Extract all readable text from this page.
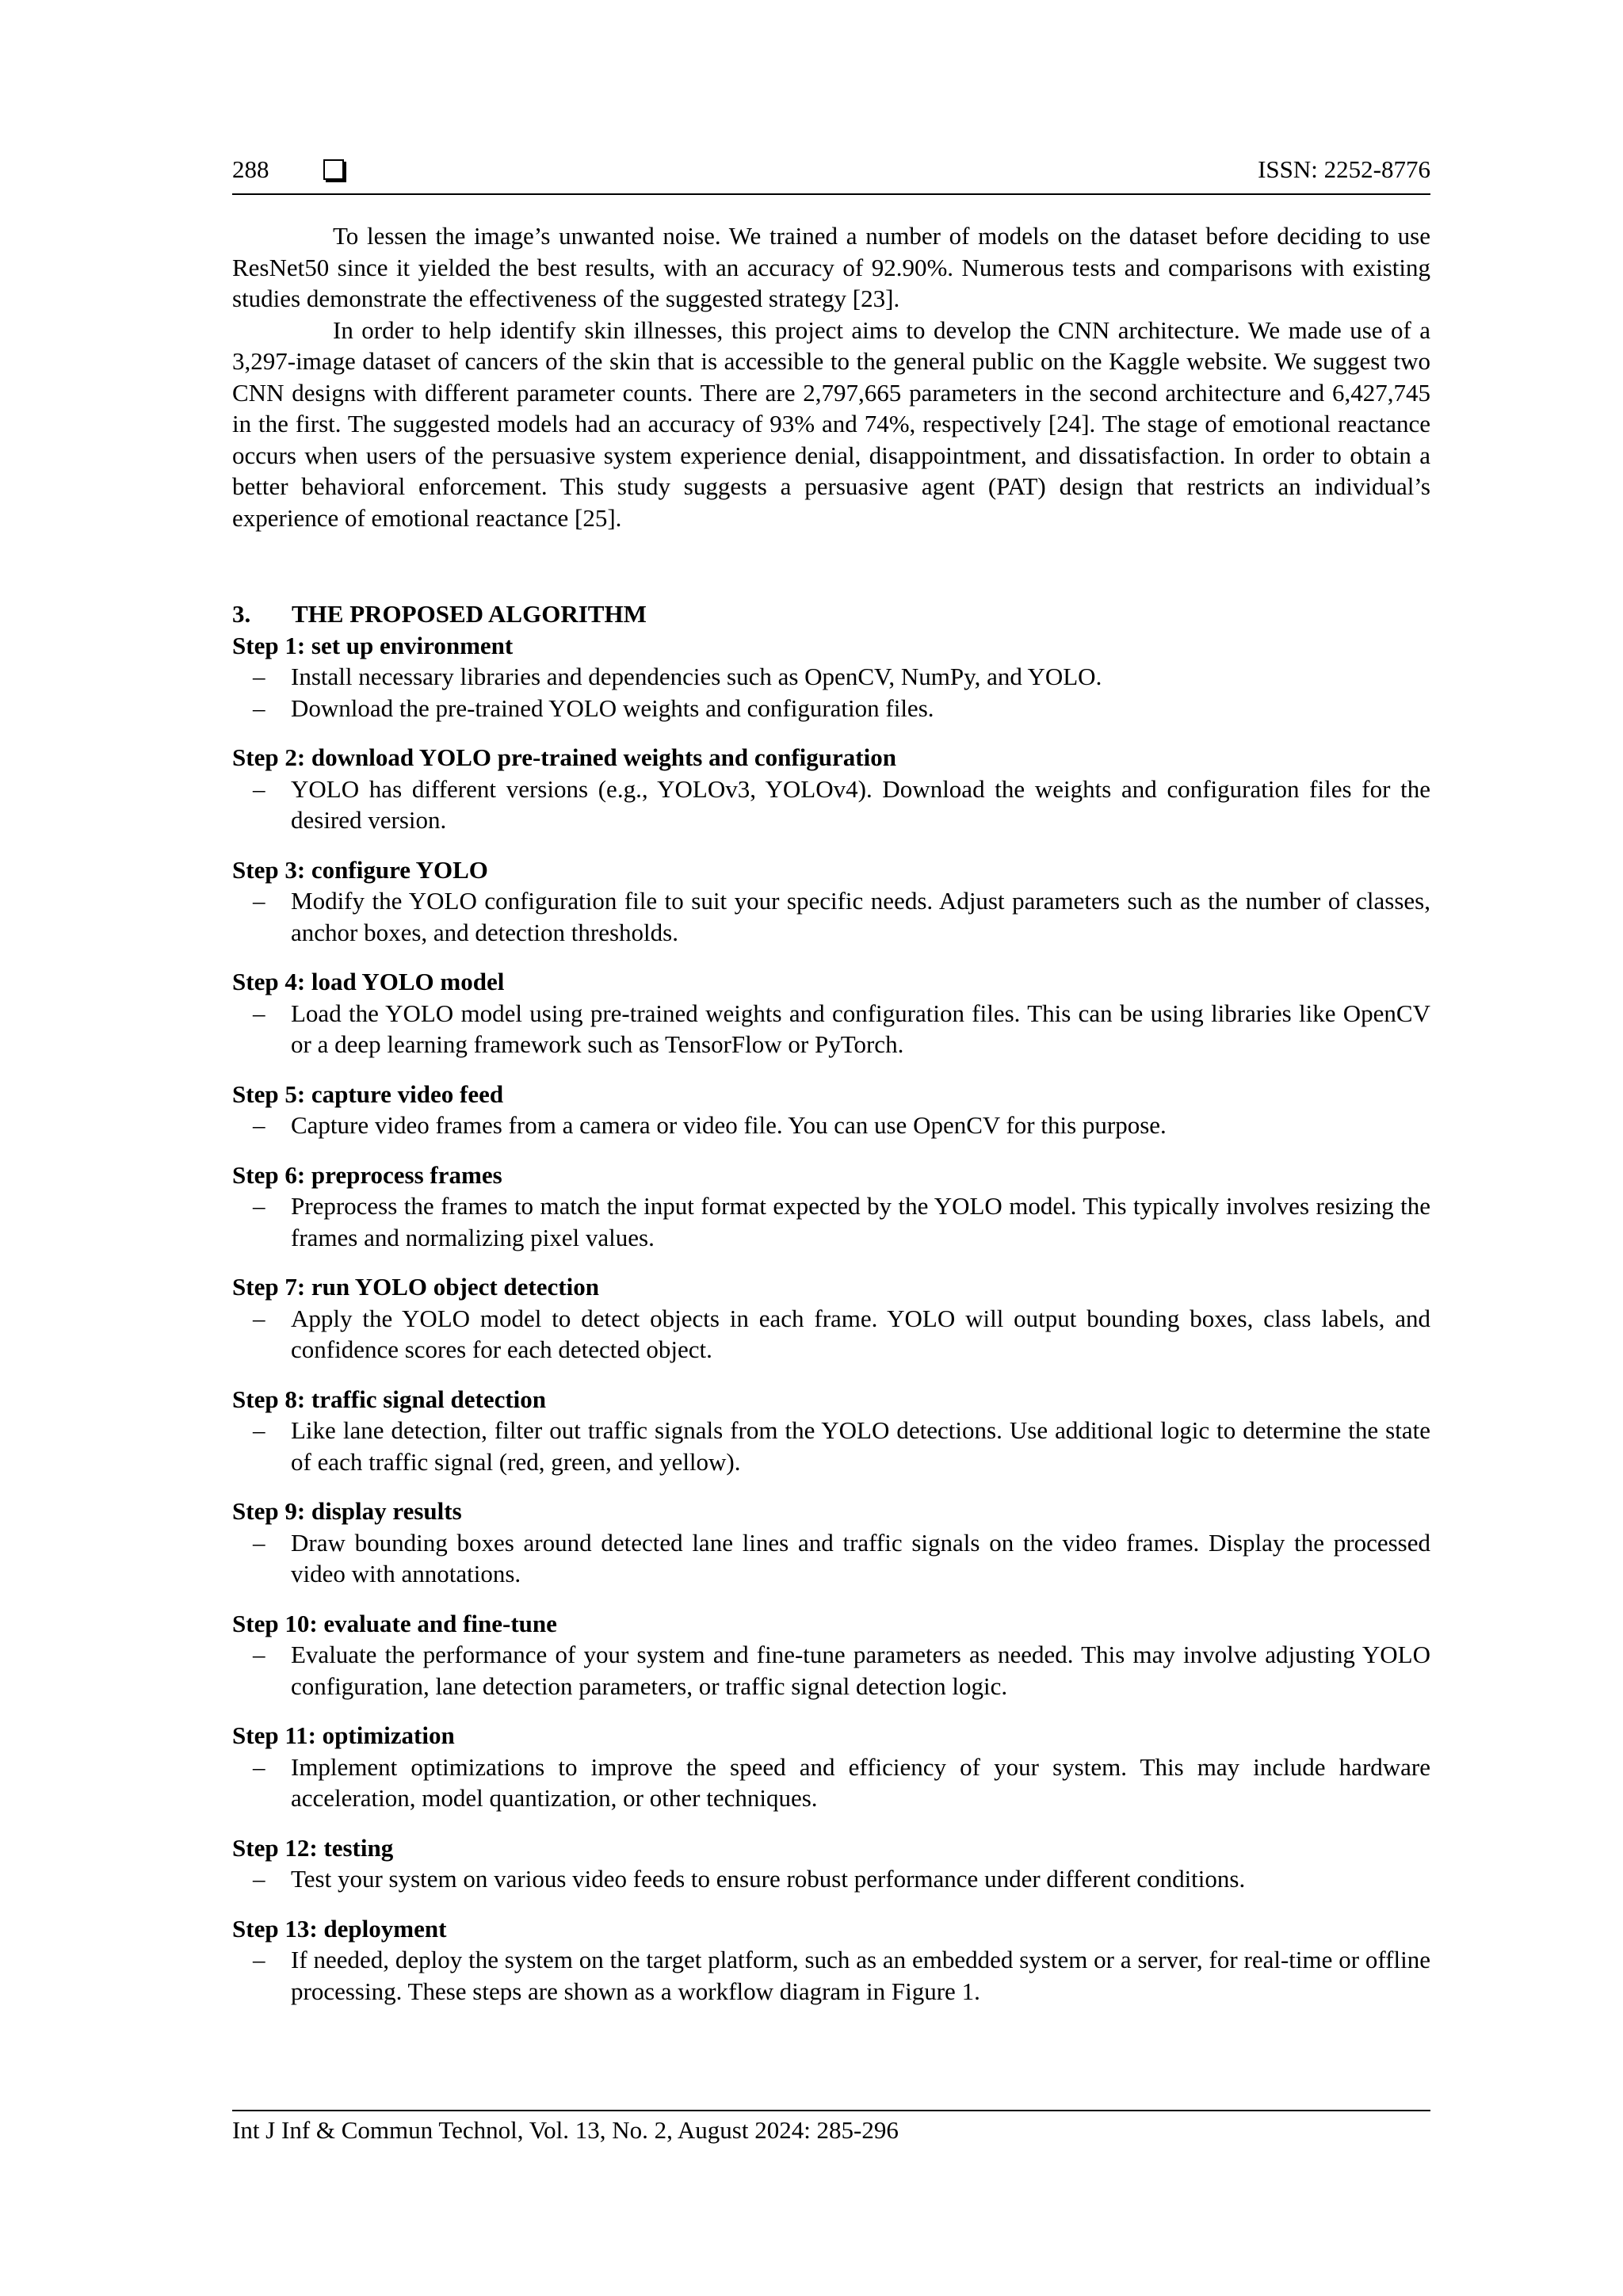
288	ISSN: 2252-8776

To lessen the image’s unwanted noise. We trained a number of models on the dataset before deciding to use ResNet50 since it yielded the best results, with an accuracy of 92.90%. Numerous tests and comparisons with existing studies demonstrate the effectiveness of the suggested strategy [23].

In order to help identify skin illnesses, this project aims to develop the CNN architecture. We made use of a 3,297-image dataset of cancers of the skin that is accessible to the general public on the Kaggle website. We suggest two CNN designs with different parameter counts. There are 2,797,665 parameters in the second architecture and 6,427,745 in the first. The suggested models had an accuracy of 93% and 74%, respectively [24]. The stage of emotional reactance occurs when users of the persuasive system experience denial, disappointment, and dissatisfaction. In order to obtain a better behavioral enforcement. This study suggests a persuasive agent (PAT) design that restricts an individual’s experience of emotional reactance [25].

3. THE PROPOSED ALGORITHM
Step 1: set up environment
– Install necessary libraries and dependencies such as OpenCV, NumPy, and YOLO.
– Download the pre-trained YOLO weights and configuration files.
Step 2: download YOLO pre-trained weights and configuration
– YOLO has different versions (e.g., YOLOv3, YOLOv4). Download the weights and configuration files for the desired version.
Step 3: configure YOLO
– Modify the YOLO configuration file to suit your specific needs. Adjust parameters such as the number of classes, anchor boxes, and detection thresholds.
Step 4: load YOLO model
– Load the YOLO model using pre-trained weights and configuration files. This can be using libraries like OpenCV or a deep learning framework such as TensorFlow or PyTorch.
Step 5: capture video feed
– Capture video frames from a camera or video file. You can use OpenCV for this purpose.
Step 6: preprocess frames
– Preprocess the frames to match the input format expected by the YOLO model. This typically involves resizing the frames and normalizing pixel values.
Step 7: run YOLO object detection
– Apply the YOLO model to detect objects in each frame. YOLO will output bounding boxes, class labels, and confidence scores for each detected object.
Step 8: traffic signal detection
– Like lane detection, filter out traffic signals from the YOLO detections. Use additional logic to determine the state of each traffic signal (red, green, and yellow).
Step 9: display results
– Draw bounding boxes around detected lane lines and traffic signals on the video frames. Display the processed video with annotations.
Step 10: evaluate and fine-tune
– Evaluate the performance of your system and fine-tune parameters as needed. This may involve adjusting YOLO configuration, lane detection parameters, or traffic signal detection logic.
Step 11: optimization
– Implement optimizations to improve the speed and efficiency of your system. This may include hardware acceleration, model quantization, or other techniques.
Step 12: testing
– Test your system on various video feeds to ensure robust performance under different conditions.
Step 13: deployment
– If needed, deploy the system on the target platform, such as an embedded system or a server, for real-time or offline processing. These steps are shown as a workflow diagram in Figure 1.
Int J Inf & Commun Technol, Vol. 13, No. 2, August 2024: 285-296
